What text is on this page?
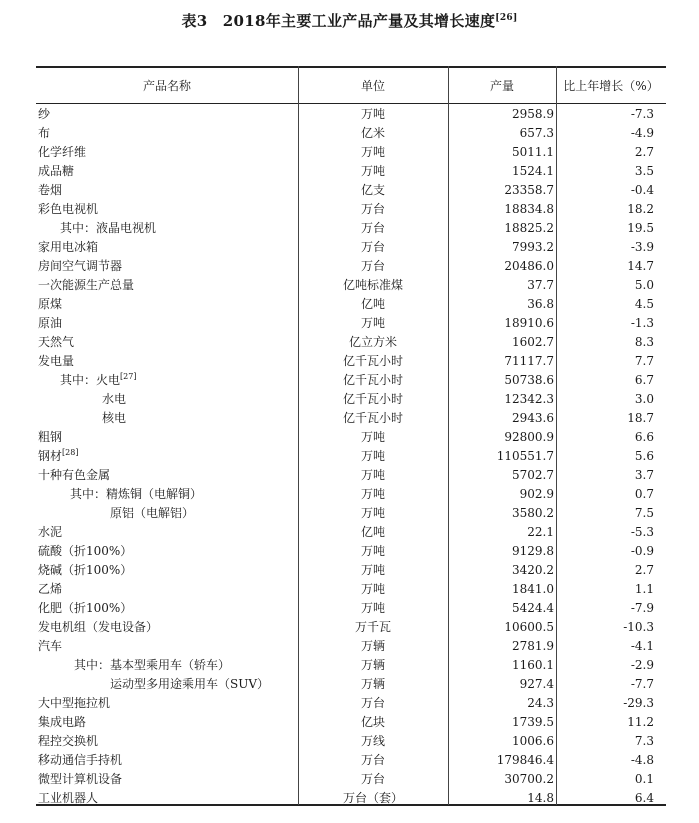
表3　2018年主要工业产品产量及其增长速度[26]
产品名称	单位	产量	比上年增长（%）
纱	万吨	2958.9	-7.3
布	亿米	657.3	-4.9
化学纤维	万吨	5011.1	2.7
成品糖	万吨	1524.1	3.5
卷烟	亿支	23358.7	-0.4
彩色电视机	万台	18834.8	18.2
其中：液晶电视机	万台	18825.2	19.5
家用电冰箱	万台	7993.2	-3.9
房间空气调节器	万台	20486.0	14.7
一次能源生产总量	亿吨标准煤	37.7	5.0
原煤	亿吨	36.8	4.5
原油	万吨	18910.6	-1.3
天然气	亿立方米	1602.7	8.3
发电量	亿千瓦小时	71117.7	7.7
其中：火电[27]	亿千瓦小时	50738.6	6.7
水电	亿千瓦小时	12342.3	3.0
核电	亿千瓦小时	2943.6	18.7
粗钢	万吨	92800.9	6.6
钢材[28]	万吨	110551.7	5.6
十种有色金属	万吨	5702.7	3.7
其中：精炼铜（电解铜）	万吨	902.9	0.7
原铝（电解铝）	万吨	3580.2	7.5
水泥	亿吨	22.1	-5.3
硫酸（折100%）	万吨	9129.8	-0.9
烧碱（折100%）	万吨	3420.2	2.7
乙烯	万吨	1841.0	1.1
化肥（折100%）	万吨	5424.4	-7.9
发电机组（发电设备）	万千瓦	10600.5	-10.3
汽车	万辆	2781.9	-4.1
其中：基本型乘用车（轿车）	万辆	1160.1	-2.9
运动型多用途乘用车（SUV）	万辆	927.4	-7.7
大中型拖拉机	万台	24.3	-29.3
集成电路	亿块	1739.5	11.2
程控交换机	万线	1006.6	7.3
移动通信手持机	万台	179846.4	-4.8
微型计算机设备	万台	30700.2	0.1
工业机器人	万台（套）	14.8	6.4
